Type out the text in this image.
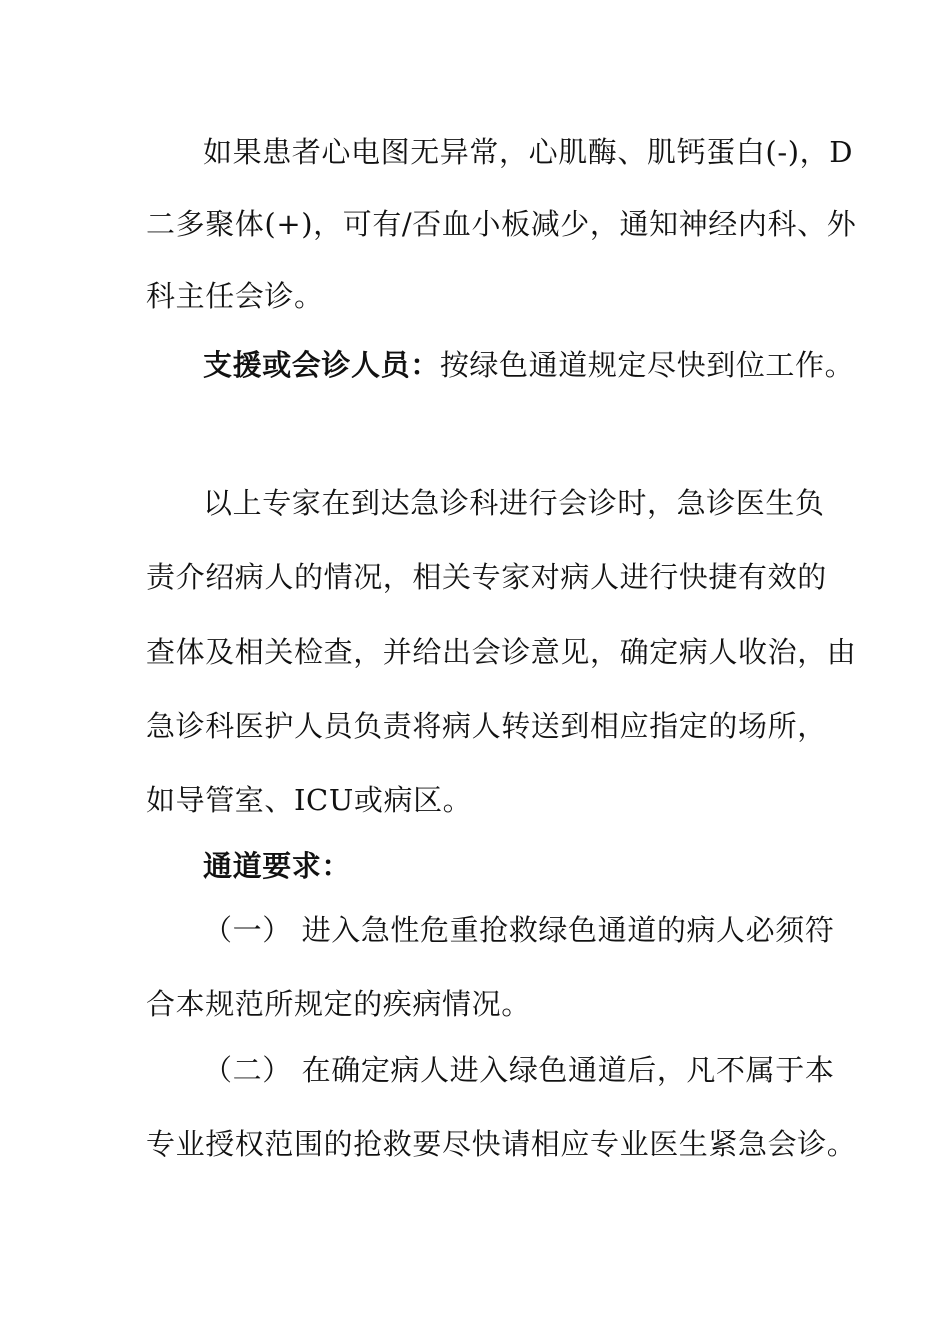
如果患者心电图无异常，心肌酶、肌钙蛋白(-)，D
二多聚体(+)，可有/否血小板减少，通知神经内科、外
科主任会诊。
支援或会诊人员：按绿色通道规定尽快到位工作。
以上专家在到达急诊科进行会诊时，急诊医生负
责介绍病人的情况，相关专家对病人进行快捷有效的
查体及相关检查，并给出会诊意见，确定病人收治，由
急诊科医护人员负责将病人转送到相应指定的场所，
如导管室、ICU或病区。
通道要求：
（一） 进入急性危重抢救绿色通道的病人必须符
合本规范所规定的疾病情况。
（二） 在确定病人进入绿色通道后，凡不属于本
专业授权范围的抢救要尽快请相应专业医生紧急会诊。
